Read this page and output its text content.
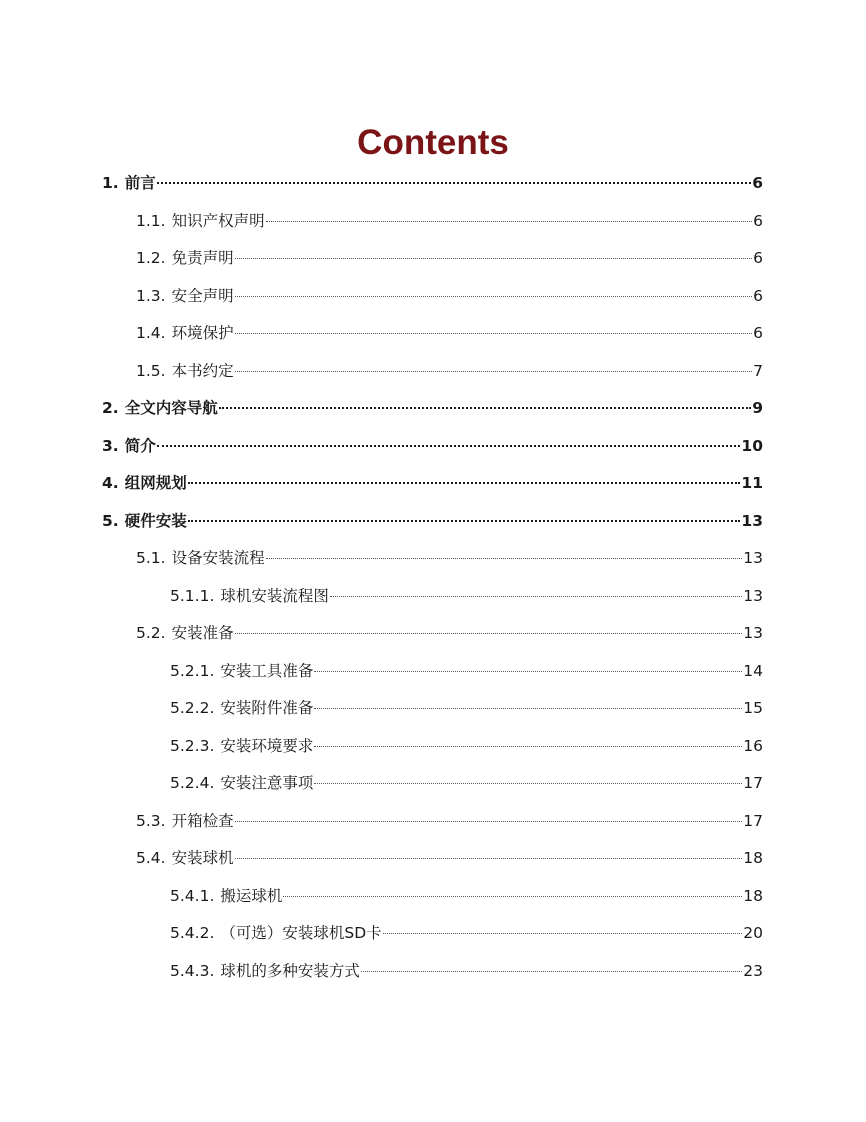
Contents
1. 前言	6
1.1. 知识产权声明	6
1.2. 免责声明	6
1.3. 安全声明	6
1.4. 环境保护	6
1.5. 本书约定	7
2. 全文内容导航	9
3. 简介	10
4. 组网规划	11
5. 硬件安装	13
5.1. 设备安装流程	13
5.1.1. 球机安装流程图	13
5.2. 安装准备	13
5.2.1. 安装工具准备	14
5.2.2. 安装附件准备	15
5.2.3. 安装环境要求	16
5.2.4. 安装注意事项	17
5.3. 开箱检查	17
5.4. 安装球机	18
5.4.1. 搬运球机	18
5.4.2. （可选）安装球机SD卡	20
5.4.3. 球机的多种安装方式	23
